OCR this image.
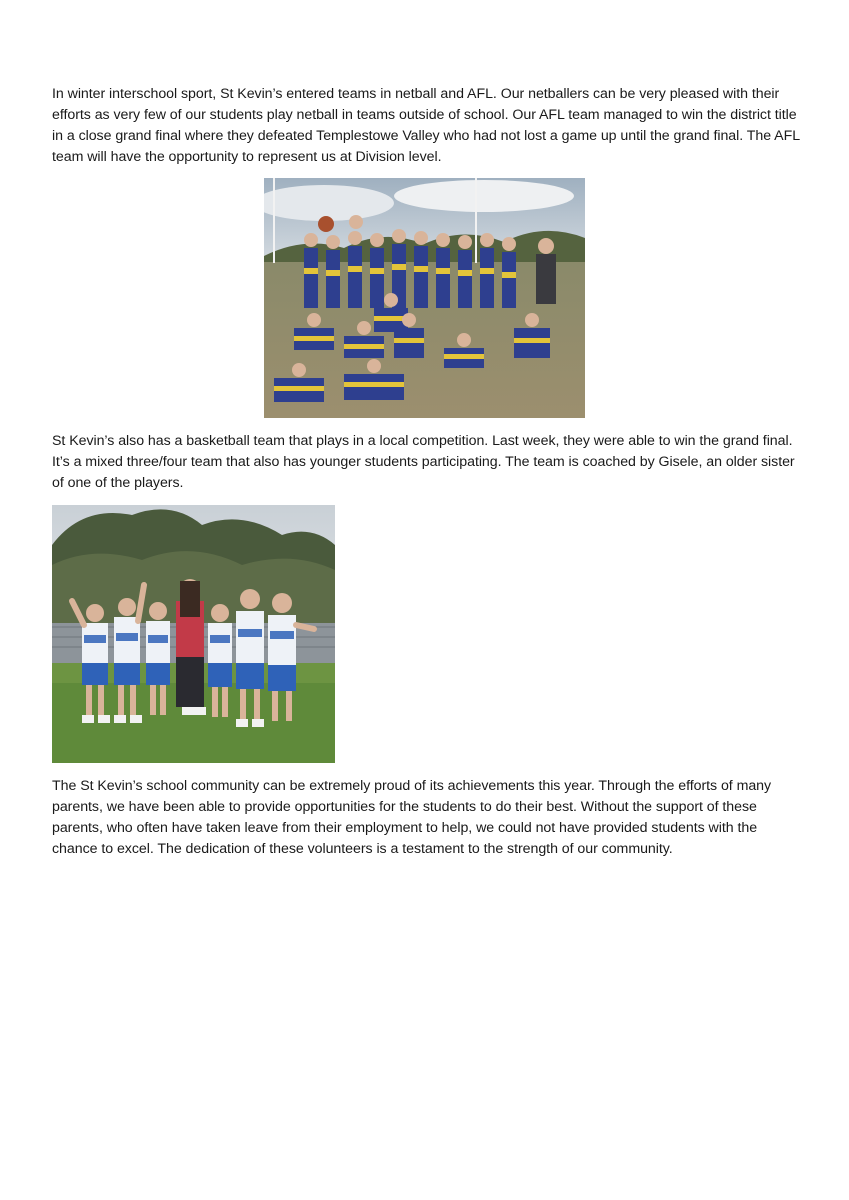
In winter interschool sport, St Kevin’s entered teams in netball and AFL. Our netballers can be very pleased with their efforts as very few of our students play netball in teams outside of school. Our AFL team managed to win the district title in a close grand final where they defeated Templestowe Valley who had not lost a game up until the grand final. The AFL team will have the opportunity to represent us at Division level.

St Kevin’s also has a basketball team that plays in a local competition. Last week, they were able to win the grand final. It’s a mixed three/four team that also has younger students participating. The team is coached by Gisele, an older sister of one of the players.

The St Kevin’s school community can be extremely proud of its achievements this year. Through the efforts of many parents, we have been able to provide opportunities for the students to do their best. Without the support of these parents, who often have taken leave from their employment to help, we could not have provided students with the chance to excel. The dedication of these volunteers is a testament to the strength of our community.
